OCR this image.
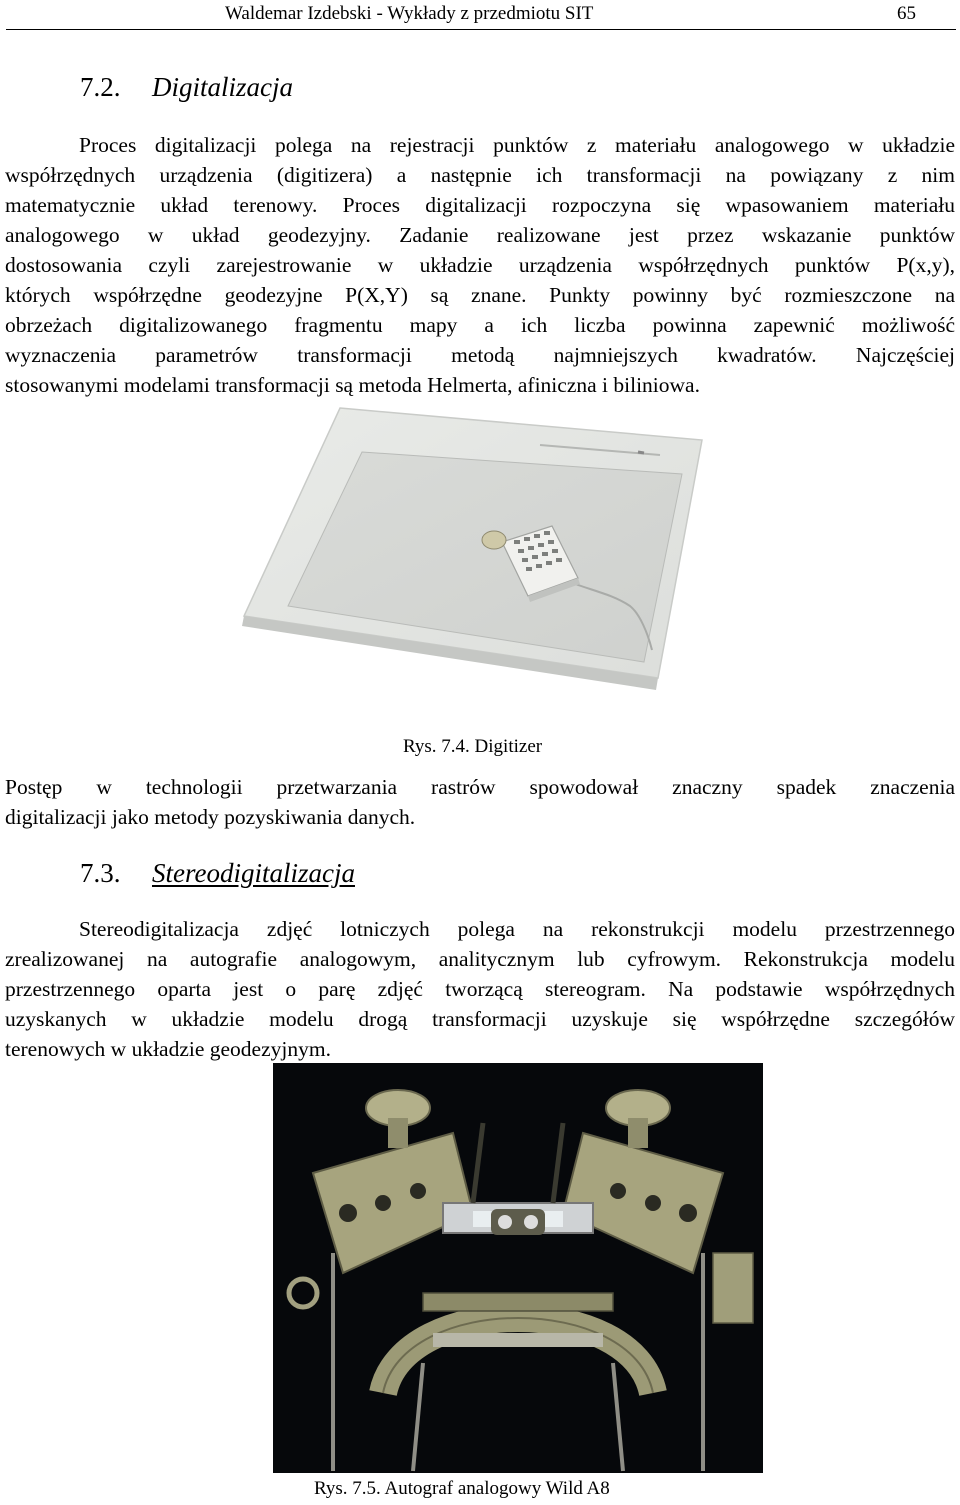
Waldemar Izdebski - Wykłady z przedmiotu SIT	65
7.2. Digitalizacja
Proces digitalizacji polega na rejestracji punktów z materiału analogowego w układzie
współrzędnych urządzenia (digitizera) a następnie ich transformacji na powiązany z nim
matematycznie układ terenowy. Proces digitalizacji rozpoczyna się wpasowaniem materiału
analogowego w układ geodezyjny. Zadanie realizowane jest przez wskazanie punktów
dostosowania czyli zarejestrowanie w układzie urządzenia współrzędnych punktów P(x,y),
których współrzędne geodezyjne P(X,Y) są znane. Punkty powinny być rozmieszczone na
obrzeżach digitalizowanego fragmentu mapy a ich liczba powinna zapewnić możliwość
wyznaczenia parametrów transformacji metodą najmniejszych kwadratów. Najczęściej
stosowanymi modelami transformacji są metoda Helmerta, afiniczna i biliniowa.
Rys. 7.4. Digitizer
Postęp w technologii przetwarzania rastrów spowodował znaczny spadek znaczenia
digitalizacji jako metody pozyskiwania danych.
7.3. Stereodigitalizacja
Stereodigitalizacja zdjęć lotniczych polega na rekonstrukcji modelu przestrzennego
zrealizowanej na autografie analogowym, analitycznym lub cyfrowym. Rekonstrukcja modelu
przestrzennego oparta jest o parę zdjęć tworzącą stereogram. Na podstawie współrzędnych
uzyskanych w układzie modelu drogą transformacji uzyskuje się współrzędne szczegółów
terenowych w układzie geodezyjnym.
Rys. 7.5. Autograf analogowy Wild A8
